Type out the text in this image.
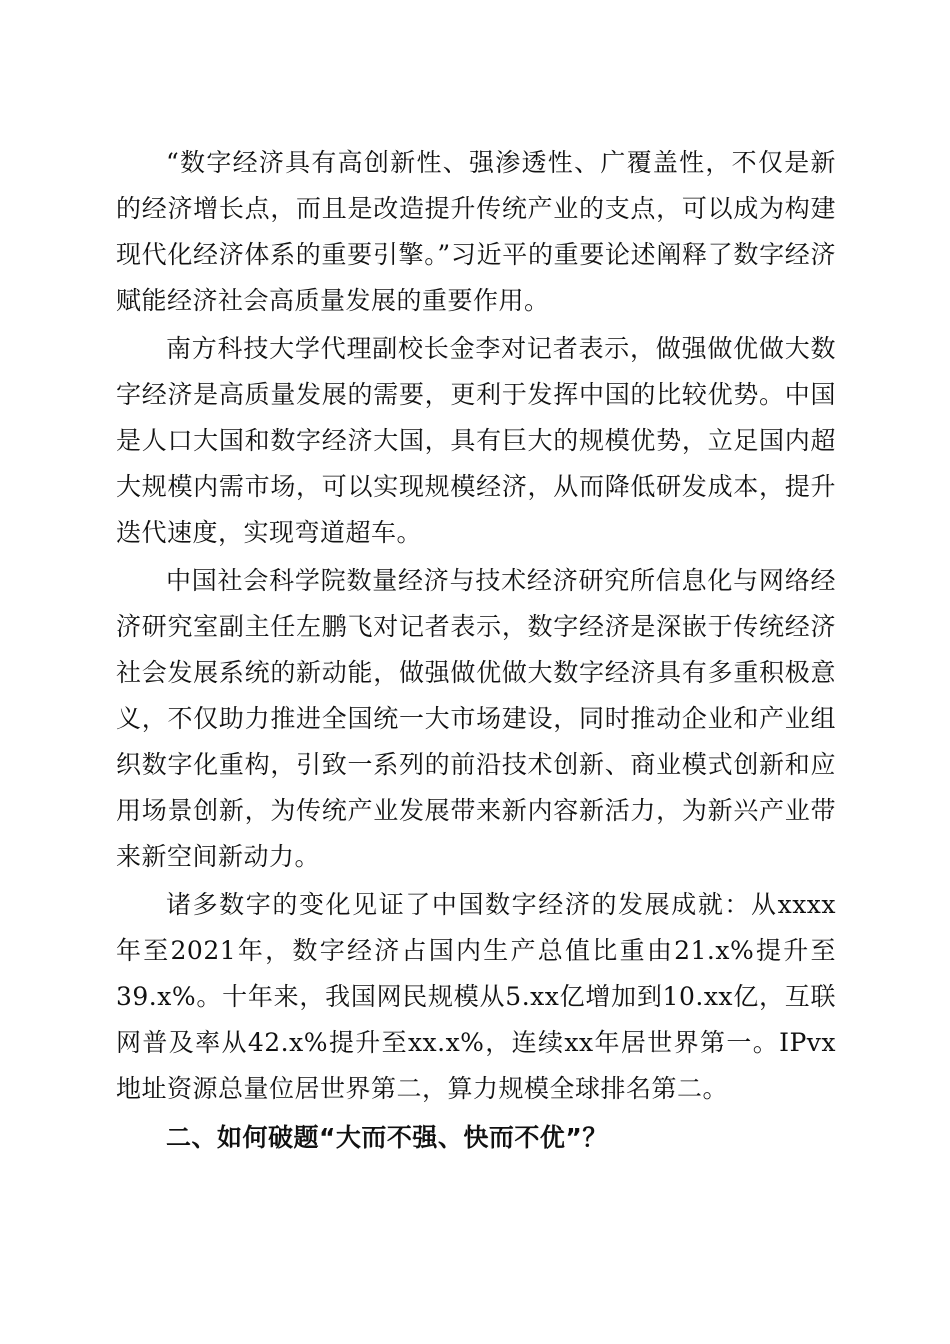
“数字经济具有高创新性、强渗透性、广覆盖性，不仅是新的经济增长点，而且是改造提升传统产业的支点，可以成为构建现代化经济体系的重要引擎。”习近平的重要论述阐释了数字经济赋能经济社会高质量发展的重要作用。

南方科技大学代理副校长金李对记者表示，做强做优做大数字经济是高质量发展的需要，更利于发挥中国的比较优势。中国是人口大国和数字经济大国，具有巨大的规模优势，立足国内超大规模内需市场，可以实现规模经济，从而降低研发成本，提升迭代速度，实现弯道超车。

中国社会科学院数量经济与技术经济研究所信息化与网络经济研究室副主任左鹏飞对记者表示，数字经济是深嵌于传统经济社会发展系统的新动能，做强做优做大数字经济具有多重积极意义，不仅助力推进全国统一大市场建设，同时推动企业和产业组织数字化重构，引致一系列的前沿技术创新、商业模式创新和应用场景创新，为传统产业发展带来新内容新活力，为新兴产业带来新空间新动力。

诸多数字的变化见证了中国数字经济的发展成就：从xxxx年至2021年，数字经济占国内生产总值比重由21.x%提升至39.x%。十年来，我国网民规模从5.xx亿增加到10.xx亿，互联网普及率从42.x%提升至xx.x%，连续xx年居世界第一。IPvx地址资源总量位居世界第二，算力规模全球排名第二。

二、如何破题“大而不强、快而不优”？
